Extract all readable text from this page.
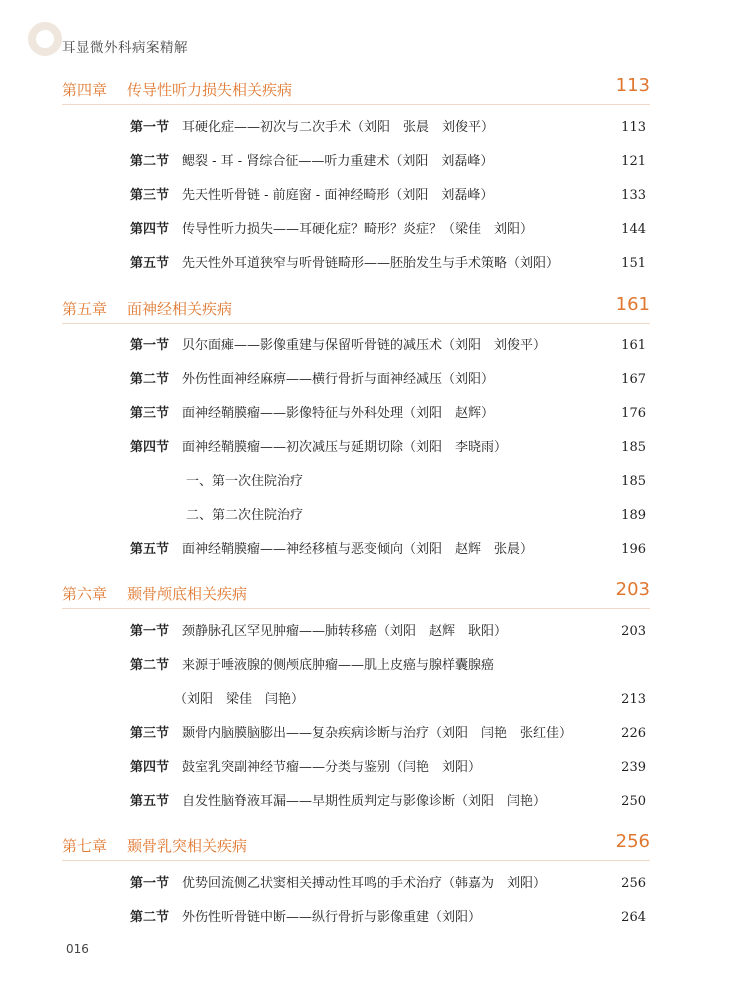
耳显微外科病案精解
第四章 传导性听力损失相关疾病	113
第一节 耳硬化症——初次与二次手术（刘阳　张晨　刘俊平）	113
第二节 鳃裂 - 耳 - 肾综合征——听力重建术（刘阳　刘磊峰）	121
第三节 先天性听骨链 - 前庭窗 - 面神经畸形（刘阳　刘磊峰）	133
第四节 传导性听力损失——耳硬化症？畸形？炎症？（梁佳　刘阳）	144
第五节 先天性外耳道狭窄与听骨链畸形——胚胎发生与手术策略（刘阳）	151
第五章 面神经相关疾病	161
第一节 贝尔面瘫——影像重建与保留听骨链的减压术（刘阳　刘俊平）	161
第二节 外伤性面神经麻痹——横行骨折与面神经减压（刘阳）	167
第三节 面神经鞘膜瘤——影像特征与外科处理（刘阳　赵辉）	176
第四节 面神经鞘膜瘤——初次减压与延期切除（刘阳　李晓雨）	185
一、第一次住院治疗	185
二、第二次住院治疗	189
第五节 面神经鞘膜瘤——神经移植与恶变倾向（刘阳　赵辉　张晨）	196
第六章 颞骨颅底相关疾病	203
第一节 颈静脉孔区罕见肿瘤——肺转移癌（刘阳　赵辉　耿阳）	203
第二节 来源于唾液腺的侧颅底肿瘤——肌上皮癌与腺样囊腺癌
（刘阳　梁佳　闫艳）	213
第三节 颞骨内脑膜脑膨出——复杂疾病诊断与治疗（刘阳　闫艳　张红佳）	226
第四节 鼓室乳突副神经节瘤——分类与鉴别（闫艳　刘阳）	239
第五节 自发性脑脊液耳漏——早期性质判定与影像诊断（刘阳　闫艳）	250
第七章 颞骨乳突相关疾病	256
第一节 优势回流侧乙状窦相关搏动性耳鸣的手术治疗（韩嘉为　刘阳）	256
第二节 外伤性听骨链中断——纵行骨折与影像重建（刘阳）	264
016
